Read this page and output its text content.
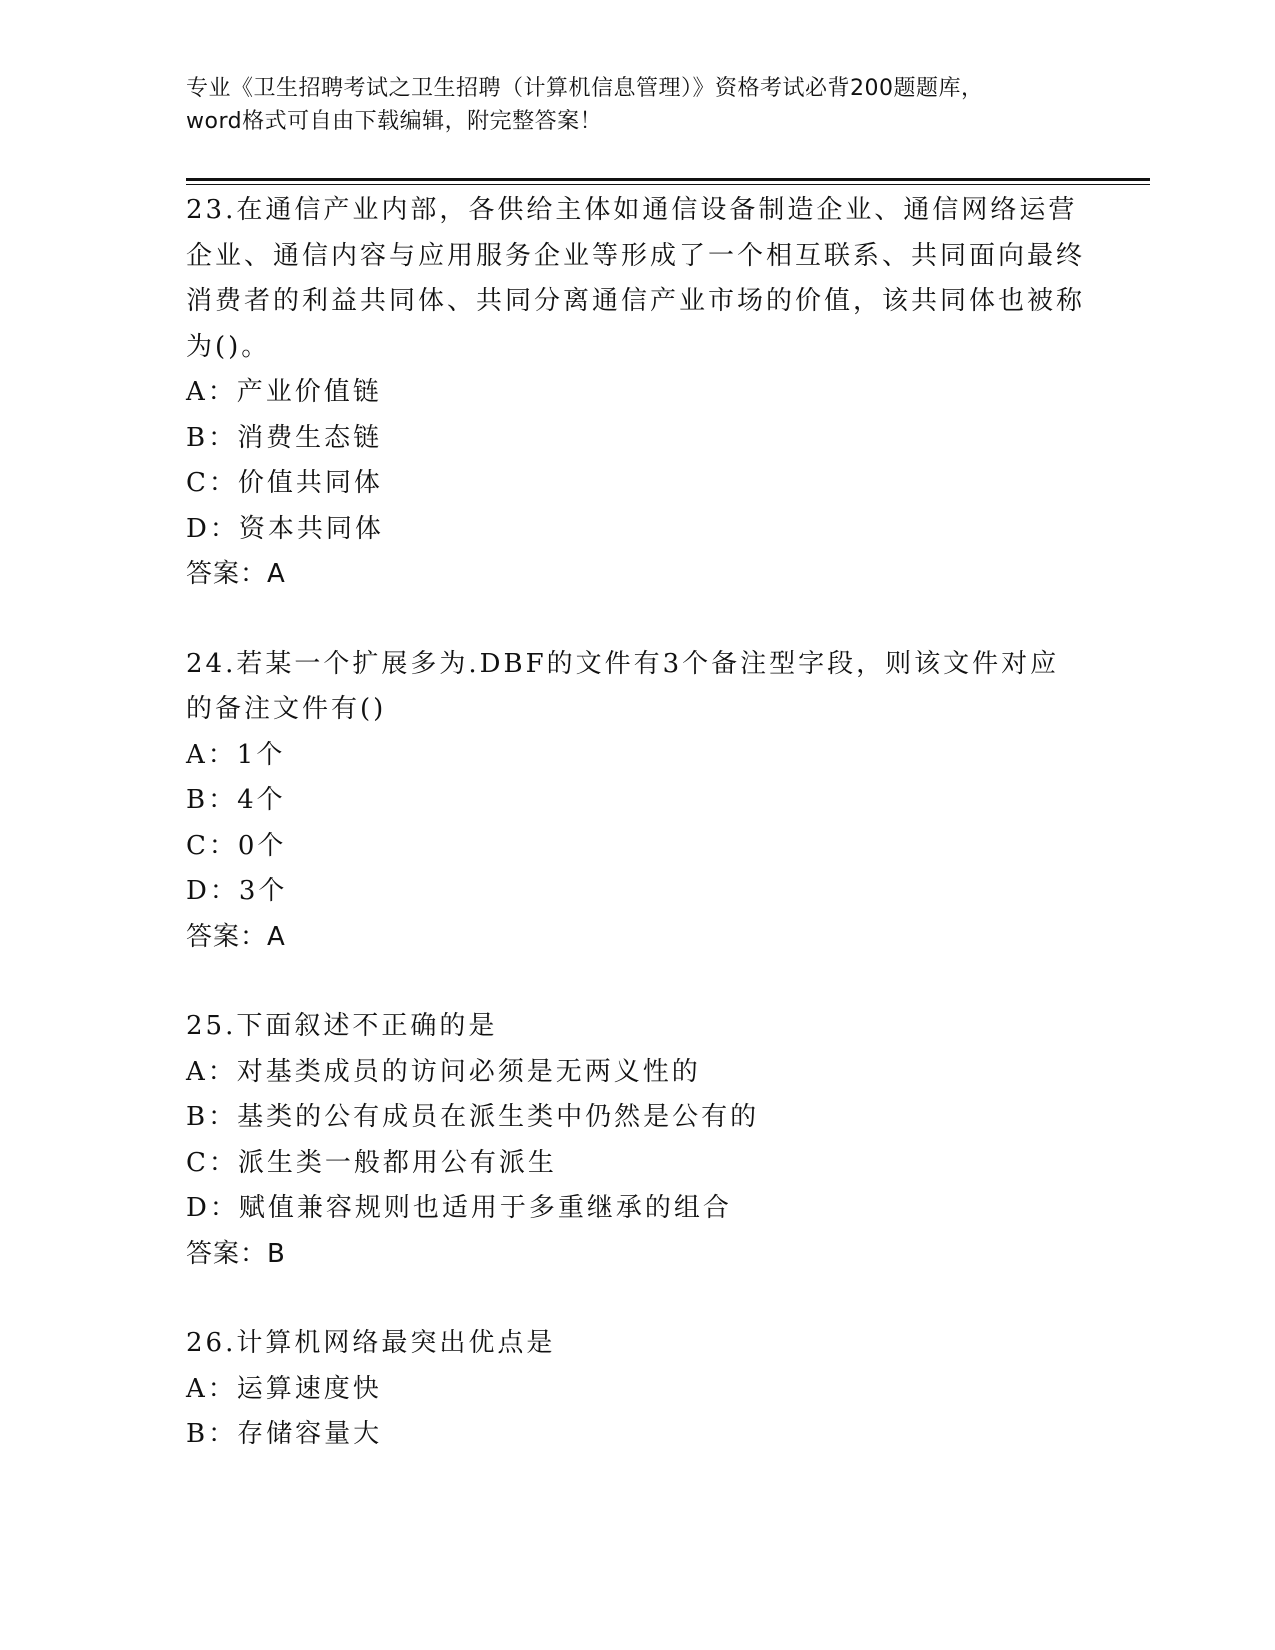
专业《卫生招聘考试之卫生招聘（计算机信息管理）》资格考试必背200题题库，
word格式可自由下载编辑，附完整答案！

23.在通信产业内部，各供给主体如通信设备制造企业、通信网络运营企业、通信内容与应用服务企业等形成了一个相互联系、共同面向最终消费者的利益共同体、共同分离通信产业市场的价值，该共同体也被称为()。

A：产业价值链

B：消费生态链

C：价值共同体

D：资本共同体

答案：A

24.若某一个扩展多为.DBF的文件有3个备注型字段，则该文件对应的备注文件有()

A：1个

B：4个

C：0个

D：3个

答案：A

25.下面叙述不正确的是

A：对基类成员的访问必须是无两义性的

B：基类的公有成员在派生类中仍然是公有的

C：派生类一般都用公有派生

D：赋值兼容规则也适用于多重继承的组合

答案：B

26.计算机网络最突出优点是

A：运算速度快

B：存储容量大
